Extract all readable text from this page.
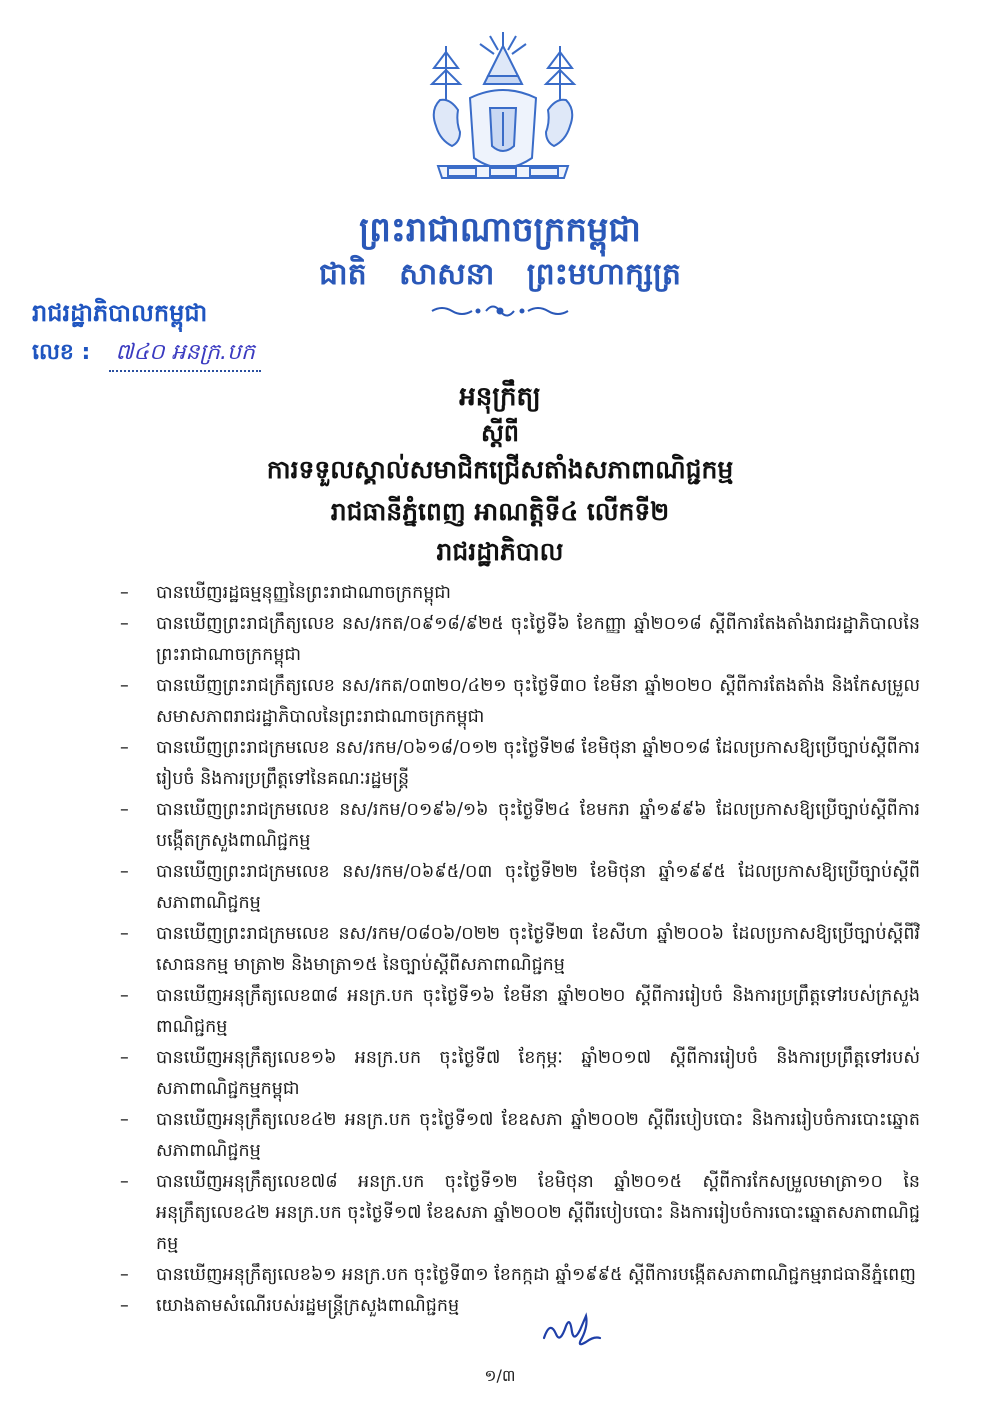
ព្រះរាជាណាចក្រកម្ពុជា
ជាតិ សាសនា ព្រះមហាក្សត្រ
រាជរដ្ឋាភិបាលកម្ពុជា
លេខ : ៧៤០ អនក្រ.បក
អនុក្រឹត្យ
ស្តីពី
ការទទួលស្គាល់សមាជិកជ្រើសតាំងសភាពាណិជ្ជកម្ម
រាជធានីភ្នំពេញ អាណត្តិទី៤ លើកទី២
រាជរដ្ឋាភិបាល
– បានឃើញរដ្ឋធម្មនុញ្ញនៃព្រះរាជាណាចក្រកម្ពុជា
– បានឃើញព្រះរាជក្រឹត្យលេខ នស/រកត/០៩១៨/៩២៥ ចុះថ្ងៃទី៦ ខែកញ្ញា ឆ្នាំ២០១៨ ស្តីពីការតែងតាំងរាជរដ្ឋាភិបាលនៃព្រះរាជាណាចក្រកម្ពុជា
– បានឃើញព្រះរាជក្រឹត្យលេខ នស/រកត/០៣២០/៤២១ ចុះថ្ងៃទី៣០ ខែមីនា ឆ្នាំ២០២០ ស្តីពីការតែងតាំង និងកែសម្រួលសមាសភាពរាជរដ្ឋាភិបាលនៃព្រះរាជាណាចក្រកម្ពុជា
– បានឃើញព្រះរាជក្រមលេខ នស/រកម/០៦១៨/០១២ ចុះថ្ងៃទី២៨ ខែមិថុនា ឆ្នាំ២០១៨ ដែលប្រកាសឱ្យប្រើច្បាប់ស្តីពីការរៀបចំ និងការប្រព្រឹត្តទៅនៃគណៈរដ្ឋមន្ត្រី
– បានឃើញព្រះរាជក្រមលេខ នស/រកម/០១៩៦/១៦ ចុះថ្ងៃទី២៤ ខែមករា ឆ្នាំ១៩៩៦ ដែលប្រកាសឱ្យប្រើច្បាប់ស្តីពីការបង្កើតក្រសួងពាណិជ្ជកម្ម
– បានឃើញព្រះរាជក្រមលេខ នស/រកម/០៦៩៥/០៣ ចុះថ្ងៃទី២២ ខែមិថុនា ឆ្នាំ១៩៩៥ ដែលប្រកាសឱ្យប្រើច្បាប់ស្តីពីសភាពាណិជ្ជកម្ម
– បានឃើញព្រះរាជក្រមលេខ នស/រកម/០៨០៦/០២២ ចុះថ្ងៃទី២៣ ខែសីហា ឆ្នាំ២០០៦ ដែលប្រកាសឱ្យប្រើច្បាប់ស្តីពីវិសោធនកម្ម មាត្រា២ និងមាត្រា១៥ នៃច្បាប់ស្តីពីសភាពាណិជ្ជកម្ម
– បានឃើញអនុក្រឹត្យលេខ៣៨ អនក្រ.បក ចុះថ្ងៃទី១៦ ខែមីនា ឆ្នាំ២០២០ ស្តីពីការរៀបចំ និងការប្រព្រឹត្តទៅរបស់ក្រសួងពាណិជ្ជកម្ម
– បានឃើញអនុក្រឹត្យលេខ១៦ អនក្រ.បក ចុះថ្ងៃទី៧ ខែកុម្ភៈ ឆ្នាំ២០១៧ ស្តីពីការរៀបចំ និងការប្រព្រឹត្តទៅរបស់សភាពាណិជ្ជកម្មកម្ពុជា
– បានឃើញអនុក្រឹត្យលេខ៤២ អនក្រ.បក ចុះថ្ងៃទី១៧ ខែឧសភា ឆ្នាំ២០០២ ស្តីពីរបៀបបោះ និងការរៀបចំការបោះឆ្នោតសភាពាណិជ្ជកម្ម
– បានឃើញអនុក្រឹត្យលេខ៧៨ អនក្រ.បក ចុះថ្ងៃទី១២ ខែមិថុនា ឆ្នាំ២០១៥ ស្តីពីការកែសម្រួលមាត្រា១០ នៃអនុក្រឹត្យលេខ៤២ អនក្រ.បក ចុះថ្ងៃទី១៧ ខែឧសភា ឆ្នាំ២០០២ ស្តីពីរបៀបបោះ និងការរៀបចំការបោះឆ្នោតសភាពាណិជ្ជកម្ម
– បានឃើញអនុក្រឹត្យលេខ៦១ អនក្រ.បក ចុះថ្ងៃទី៣១ ខែកក្កដា ឆ្នាំ១៩៩៥ ស្តីពីការបង្កើតសភាពាណិជ្ជកម្មរាជធានីភ្នំពេញ
– យោងតាមសំណើរបស់រដ្ឋមន្ត្រីក្រសួងពាណិជ្ជកម្ម
១/៣
